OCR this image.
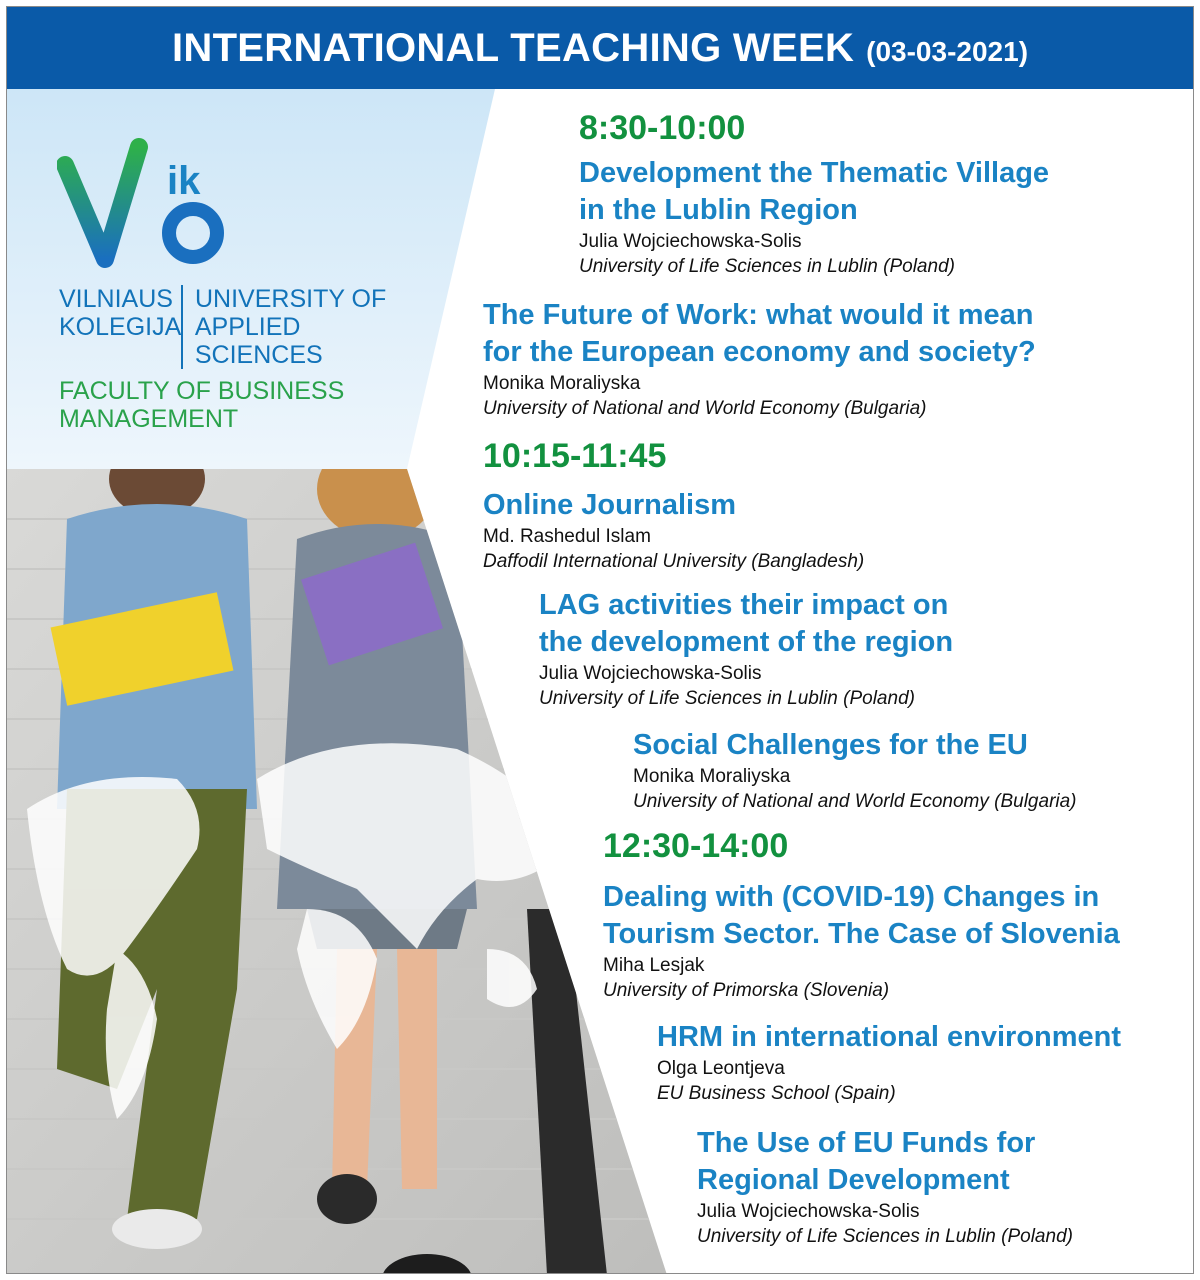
INTERNATIONAL TEACHING WEEK (03-03-2021)
ik
VILNIAUS UNIVERSITY OF
KOLEGIJA APPLIED SCIENCES
FACULTY OF BUSINESS
MANAGEMENT
8:30-10:00
Development the Thematic Village
in the Lublin Region
Julia Wojciechowska-Solis
University of Life Sciences in Lublin (Poland)
The Future of Work: what would it mean
for the European economy and society?
Monika Moraliyska
University of National and World Economy (Bulgaria)
10:15-11:45
Online Journalism
Md. Rashedul Islam
Daffodil International University (Bangladesh)
LAG activities their impact on
the development of the region
Julia Wojciechowska-Solis
University of Life Sciences in Lublin (Poland)
Social Challenges for the EU
Monika Moraliyska
University of National and World Economy (Bulgaria)
12:30-14:00
Dealing with (COVID-19) Changes in
Tourism Sector. The Case of Slovenia
Miha Lesjak
University of Primorska (Slovenia)
HRM in international environment
Olga Leontjeva
EU Business School (Spain)
The Use of EU Funds for
Regional Development
Julia Wojciechowska-Solis
University of Life Sciences in Lublin (Poland)
